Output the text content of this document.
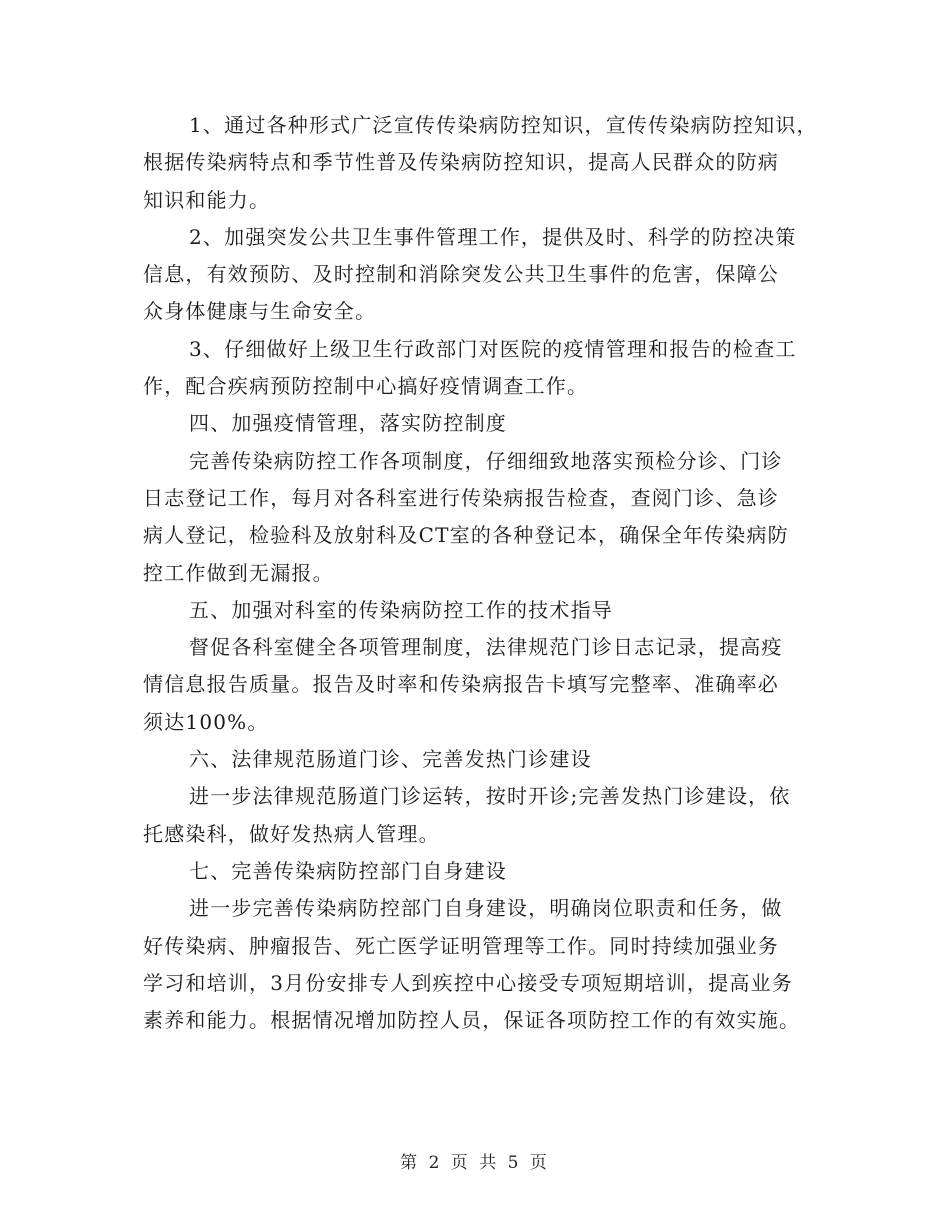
1、通过各种形式广泛宣传传染病防控知识，宣传传染病防控知识，
根据传染病特点和季节性普及传染病防控知识，提高人民群众的防病
知识和能力。
2、加强突发公共卫生事件管理工作，提供及时、科学的防控决策
信息，有效预防、及时控制和消除突发公共卫生事件的危害，保障公
众身体健康与生命安全。
3、仔细做好上级卫生行政部门对医院的疫情管理和报告的检查工
作，配合疾病预防控制中心搞好疫情调查工作。
四、加强疫情管理，落实防控制度
完善传染病防控工作各项制度，仔细细致地落实预检分诊、门诊
日志登记工作，每月对各科室进行传染病报告检查，查阅门诊、急诊
病人登记，检验科及放射科及CT室的各种登记本，确保全年传染病防
控工作做到无漏报。
五、加强对科室的传染病防控工作的技术指导
督促各科室健全各项管理制度，法律规范门诊日志记录，提高疫
情信息报告质量。报告及时率和传染病报告卡填写完整率、准确率必
须达100%。
六、法律规范肠道门诊、完善发热门诊建设
进一步法律规范肠道门诊运转，按时开诊;完善发热门诊建设，依
托感染科，做好发热病人管理。
七、完善传染病防控部门自身建设
进一步完善传染病防控部门自身建设，明确岗位职责和任务，做
好传染病、肿瘤报告、死亡医学证明管理等工作。同时持续加强业务
学习和培训，3月份安排专人到疾控中心接受专项短期培训，提高业务
素养和能力。根据情况增加防控人员，保证各项防控工作的有效实施。
第 2 页 共 5 页
